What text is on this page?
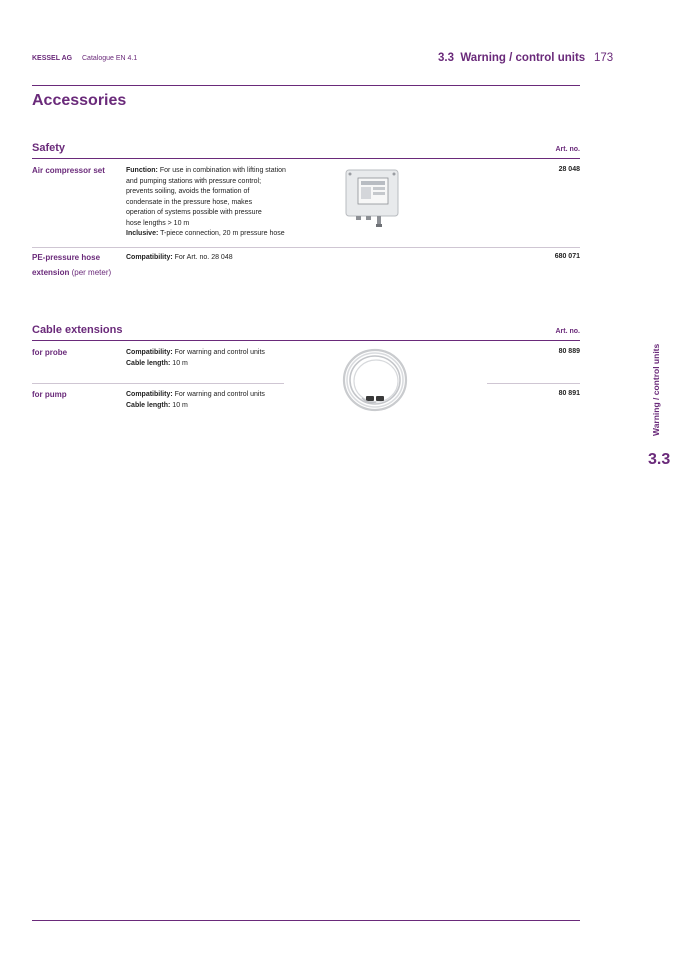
KESSEL AG Catalogue EN 4.1	3.3  Warning / control units 173
Accessories
Safety	Art. no.
Air compressor set	Function: For use in combination with lifting station
and pumping stations with pressure control;
prevents soiling, avoids the formation of
condensate in the pressure hose, makes
operation of systems possible with pressure
hose lengths > 10 m
Inclusive: T-piece connection, 20 m pressure hose
28 048
PE-pressure hose
extension (per meter)
Compatibility: For Art. no. 28 048	680 071
Cable extensions	Art. no.
for probe	Compatibility: For warning and control units
Cable length: 10 m
80 889
for pump	Compatibility: For warning and control units
Cable length: 10 m
80 891	Warning / control units
3.3
